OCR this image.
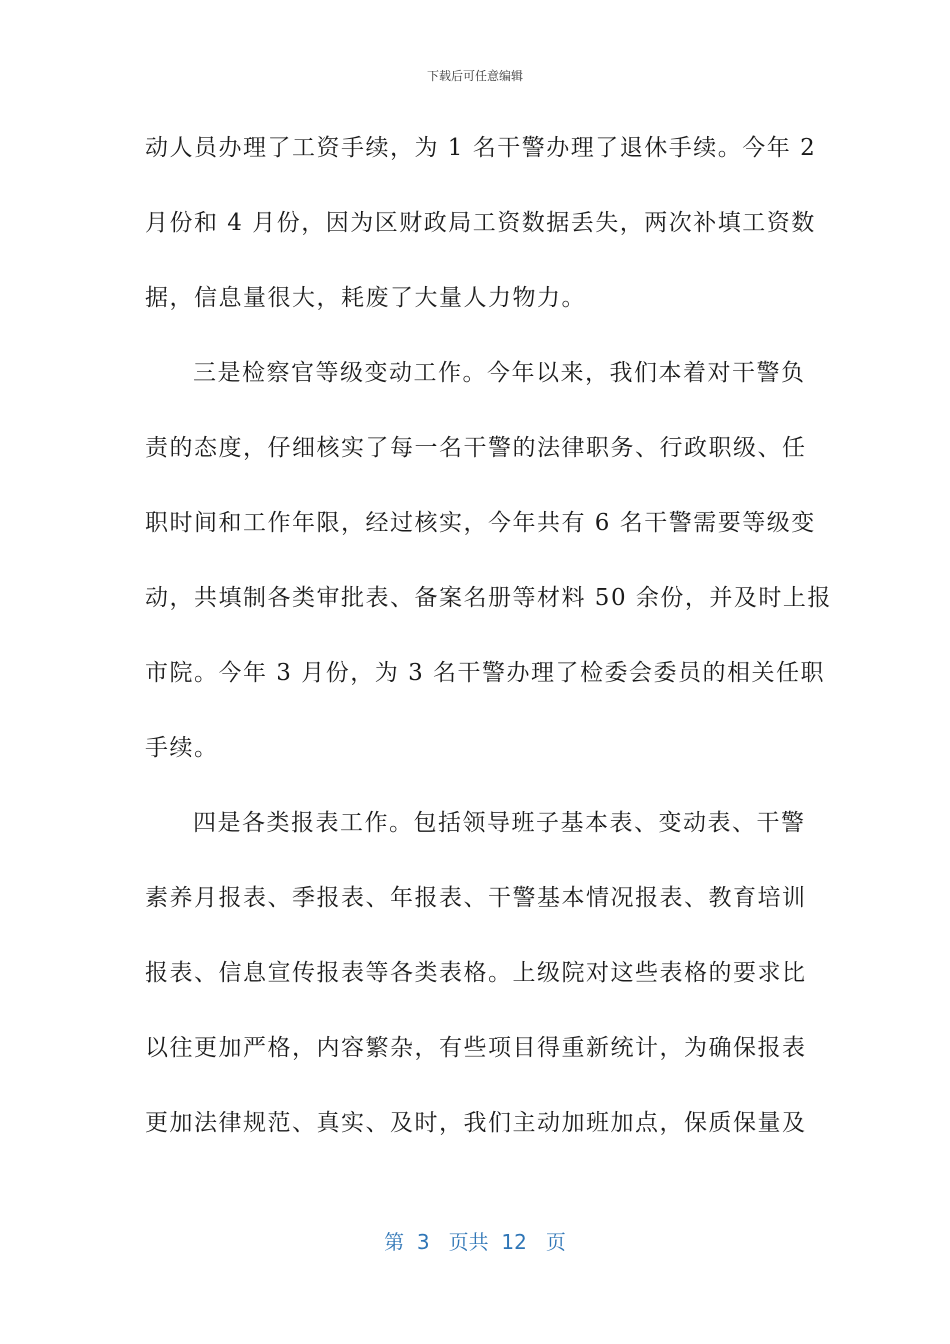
下载后可任意编辑
动人员办理了工资手续，为 1 名干警办理了退休手续。今年 2
月份和 4 月份，因为区财政局工资数据丢失，两次补填工资数
据，信息量很大，耗废了大量人力物力。
三是检察官等级变动工作。今年以来，我们本着对干警负
责的态度，仔细核实了每一名干警的法律职务、行政职级、任
职时间和工作年限，经过核实，今年共有 6 名干警需要等级变
动，共填制各类审批表、备案名册等材料 50 余份，并及时上报
市院。今年 3 月份，为 3 名干警办理了检委会委员的相关任职
手续。
四是各类报表工作。包括领导班子基本表、变动表、干警
素养月报表、季报表、年报表、干警基本情况报表、教育培训
报表、信息宣传报表等各类表格。上级院对这些表格的要求比
以往更加严格，内容繁杂，有些项目得重新统计，为确保报表
更加法律规范、真实、及时，我们主动加班加点，保质保量及
第 3 页共 12 页
